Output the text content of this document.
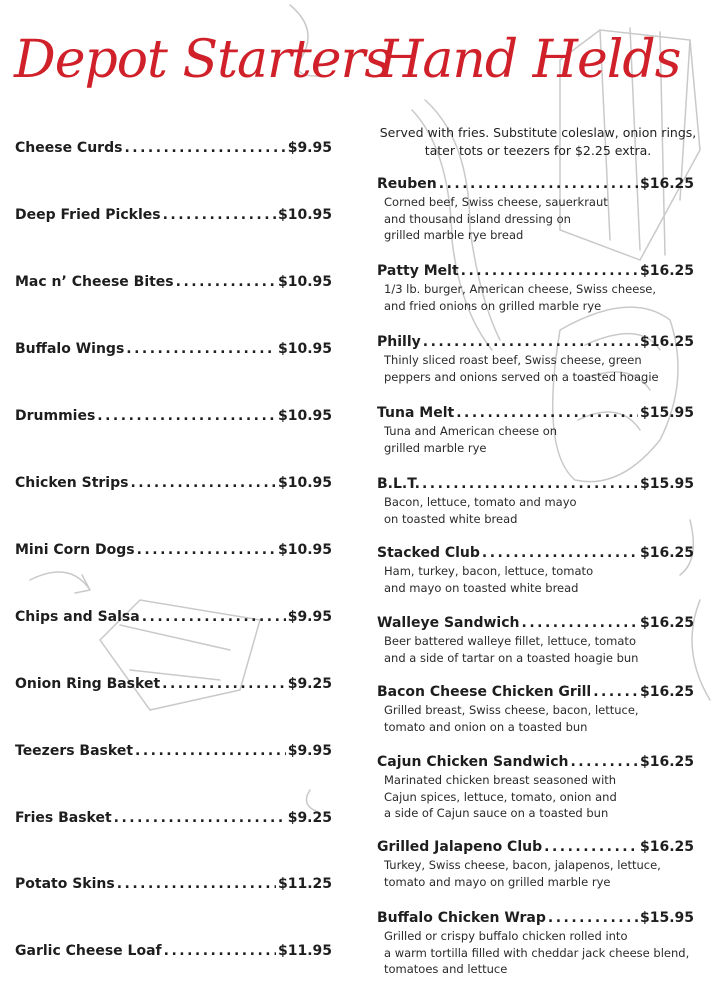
Depot Starters
Hand Helds
Cheese Curds .....	$9.95
Deep Fried Pickles .....	$10.95
Mac n’ Cheese Bites .....	$10.95
Buffalo Wings .....	$10.95
Drummies .....	$10.95
Chicken Strips .....	$10.95
Mini Corn Dogs .....	$10.95
Chips and Salsa .....	$9.95
Onion Ring Basket .....	$9.25
Teezers Basket .....	$9.95
Fries Basket .....	$9.25
Potato Skins .....	$11.25
Garlic Cheese Loaf .....	$11.95

Served with fries. Substitute coleslaw, onion rings, tater tots or teezers for $2.25 extra.

Reuben .....	$16.25
Corned beef, Swiss cheese, sauerkraut
and thousand island dressing on
grilled marble rye bread
Patty Melt .....	$16.25
1/3 lb. burger, American cheese, Swiss cheese,
and fried onions on grilled marble rye
Philly .....	$16.25
Thinly sliced roast beef, Swiss cheese, green
peppers and onions served on a toasted hoagie
Tuna Melt .....	$15.95
Tuna and American cheese on
grilled marble rye
B.L.T. .....	$15.95
Bacon, lettuce, tomato and mayo
on toasted white bread
Stacked Club .....	$16.25
Ham, turkey, bacon, lettuce, tomato
and mayo on toasted white bread
Walleye Sandwich .....	$16.25
Beer battered walleye fillet, lettuce, tomato
and a side of tartar on a toasted hoagie bun
Bacon Cheese Chicken Grill .....	$16.25
Grilled breast, Swiss cheese, bacon, lettuce,
tomato and onion on a toasted bun
Cajun Chicken Sandwich .....	$16.25
Marinated chicken breast seasoned with
Cajun spices, lettuce, tomato, onion and
a side of Cajun sauce on a toasted bun
Grilled Jalapeno Club .....	$16.25
Turkey, Swiss cheese, bacon, jalapenos, lettuce,
tomato and mayo on grilled marble rye
Buffalo Chicken Wrap .....	$15.95
Grilled or crispy buffalo chicken rolled into
a warm tortilla filled with cheddar jack cheese blend,
tomatoes and lettuce
